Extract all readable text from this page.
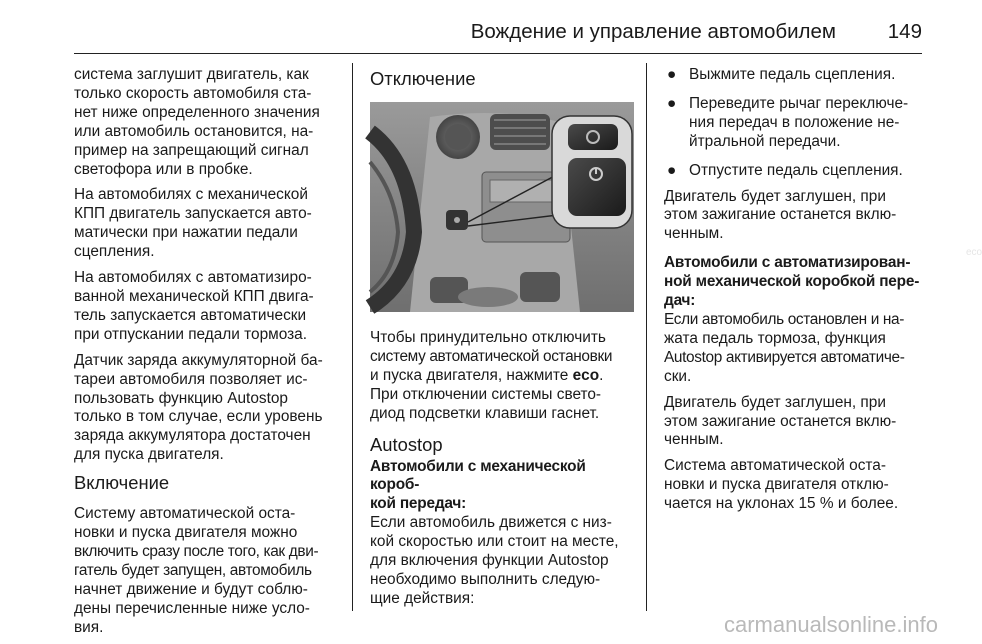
Вождение и управление автомобилем	149

система заглушит двигатель, как
только скорость автомобиля ста-
нет ниже определенного значения
или автомобиль остановится, на-
пример на запрещающий сигнал
светофора или в пробке.

На автомобилях с механической
КПП двигатель запускается авто-
матически при нажатии педали
сцепления.

На автомобилях с автоматизиро-
ванной механической КПП двига-
тель запускается автоматически
при отпускании педали тормоза.

Датчик заряда аккумуляторной ба-
тареи автомобиля позволяет ис-
пользовать функцию Autostop
только в том случае, если уровень
заряда аккумулятора достаточен
для пуска двигателя.

Включение

Систему автоматической оста-
новки и пуска двигателя можно
включить сразу после того, как дви-
гатель будет запущен, автомобиль
начнет движение и будут соблю-
дены перечисленные ниже усло-
вия.

Отключение
eco

Чтобы принудительно отключить
систему автоматической остановки
и пуска двигателя, нажмите eco.
При отключении системы свето-
диод подсветки клавиши гаснет.

Autostop
Автомобили с механической короб-
кой передач:

Если автомобиль движется с низ-
кой скоростью или стоит на месте,
для включения функции Autostop
необходимо выполнить следую-
щие действия:

● Выжмите педаль сцепления.
● Переведите рычаг переключе-
ния передач в положение не-
йтральной передачи.
● Отпустите педаль сцепления.

Двигатель будет заглушен, при
этом зажигание останется вклю-
ченным.

Автомобили с автоматизирован-
ной механической коробкой пере-
дач:

Если автомобиль остановлен и на-
жата педаль тормоза, функция
Autostop активируется автоматиче-
ски.

Двигатель будет заглушен, при
этом зажигание останется вклю-
ченным.

Система автоматической оста-
новки и пуска двигателя отклю-
чается на уклонах 15 % и более.

carmanualsonline.info
